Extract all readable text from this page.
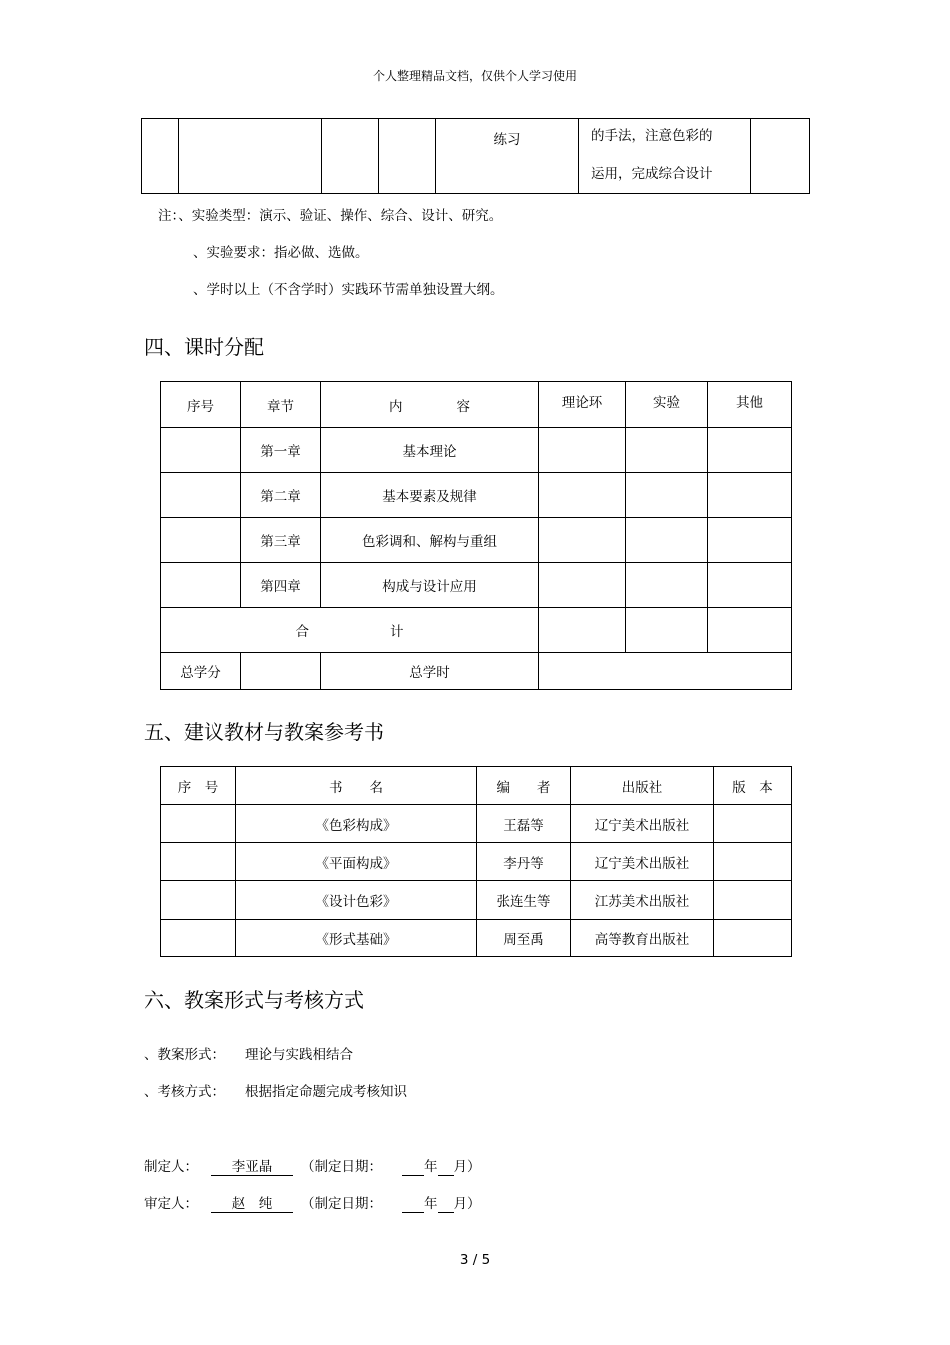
个人整理精品文档，仅供个人学习使用
				练习	的手法，注意色彩的
运用，完成综合设计

注：、实验类型：演示、验证、操作、综合、设计、研究。
、实验要求：指必做、选做。
、学时以上（不含学时）实践环节需单独设置大纲。
四、课时分配
序号	章节	内　　　　容	理论环	实验	其他
	第一章	基本理论			
	第二章	基本要素及规律			
	第三章	色彩调和、解构与重组			
	第四章	构成与设计应用			
合　　　　　　计					
总学分		总学时			
五、建议教材与教案参考书
序　号	书　　名	编　　者	出版社	版　本
	《色彩构成》	王磊等	辽宁美术出版社	
	《平面构成》	李丹等	辽宁美术出版社	
	《设计色彩》	张连生等	江苏美术出版社	
	《形式基础》	周至禹	高等教育出版社	
六、教案形式与考核方式
、教案形式： 理论与实践相结合
、考核方式： 根据指定命题完成考核知识
制定人：	李亚晶 （制定日期：	年 月）
审定人：	赵　纯 （制定日期：	年 月）
3 / 5
